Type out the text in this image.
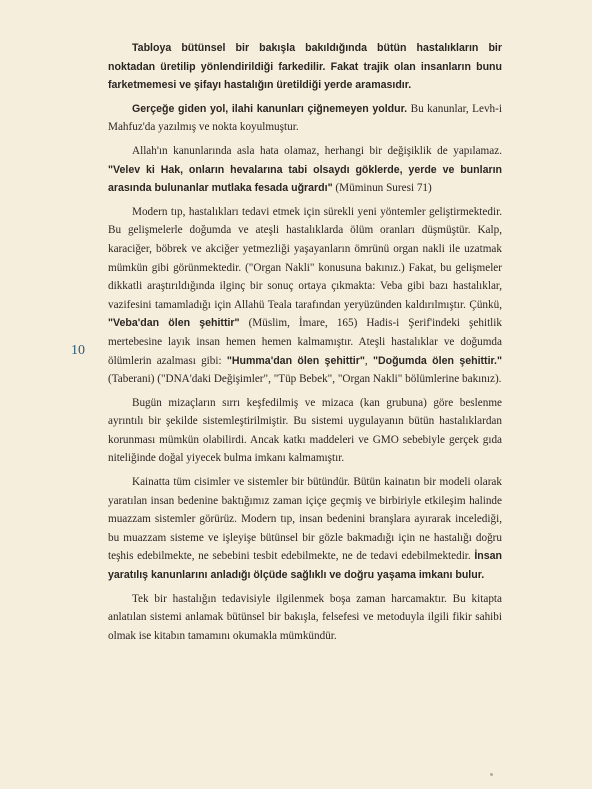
10

Tabloya bütünsel bir bakışla bakıldığında bütün hastalıkların bir noktadan üretilip yönlendirildiği farkedilir. Fakat trajik olan insanların bunu farketmemesi ve şifayı hastalığın üretildiği yerde aramasıdır.

Gerçeğe giden yol, ilahi kanunları çiğnemeyen yoldur. Bu kanunlar, Levh-i Mahfuz'da yazılmış ve nokta koyulmuştur.

Allah'ın kanunlarında asla hata olamaz, herhangi bir değişiklik de yapılamaz. "Velev ki Hak, onların hevalarına tabi olsaydı göklerde, yerde ve bunların arasında bulunanlar mutlaka fesada uğrardı" (Müminun Suresi 71)

Modern tıp, hastalıkları tedavi etmek için sürekli yeni yöntemler geliştirmektedir. Bu gelişmelerle doğumda ve ateşli hastalıklarda ölüm oranları düşmüştür. Kalp, karaciğer, böbrek ve akciğer yetmezliği yaşayanların ömrünü organ nakli ile uzatmak mümkün gibi görünmektedir. ("Organ Nakli" konusuna bakınız.) Fakat, bu gelişmeler dikkatli araştırıldığında ilginç bir sonuç ortaya çıkmakta: Veba gibi bazı hastalıklar, vazifesini tamamladığı için Allahü Teala tarafından yeryüzünden kaldırılmıştır. Çünkü, "Veba'dan ölen şehittir" (Müslim, İmare, 165) Hadis-i Şerif'indeki şehitlik mertebesine layık insan hemen hemen kalmamıştır. Ateşli hastalıklar ve doğumda ölümlerin azalması gibi: "Humma'dan ölen şehittir", "Doğumda ölen şehittir." (Taberani) ("DNA'daki Değişimler", "Tüp Bebek", "Organ Nakli" bölümlerine bakınız).

Bugün mizaçların sırrı keşfedilmiş ve mizaca (kan grubuna) göre beslenme ayrıntılı bir şekilde sistemleştirilmiştir. Bu sistemi uygulayanın bütün hastalıklardan korunması mümkün olabilirdi. Ancak katkı maddeleri ve GMO sebebiyle gerçek gıda niteliğinde doğal yiyecek bulma imkanı kalmamıştır.

Kainatta tüm cisimler ve sistemler bir bütündür. Bütün kainatın bir modeli olarak yaratılan insan bedenine baktığımız zaman içiçe geçmiş ve birbiriyle etkileşim halinde muazzam sistemler görürüz. Modern tıp, insan bedenini branşlara ayırarak incelediği, bu muazzam sisteme ve işleyişe bütünsel bir gözle bakmadığı için ne hastalığı doğru teşhis edebilmekte, ne sebebini tesbit edebilmekte, ne de tedavi edebilmektedir. İnsan yaratılış kanunlarını anladığı ölçüde sağlıklı ve doğru yaşama imkanı bulur.

Tek bir hastalığın tedavisiyle ilgilenmek boşa zaman harcamaktır. Bu kitapta anlatılan sistemi anlamak bütünsel bir bakışla, felsefesi ve metoduyla ilgili fikir sahibi olmak ise kitabın tamamını okumakla mümkündür.
